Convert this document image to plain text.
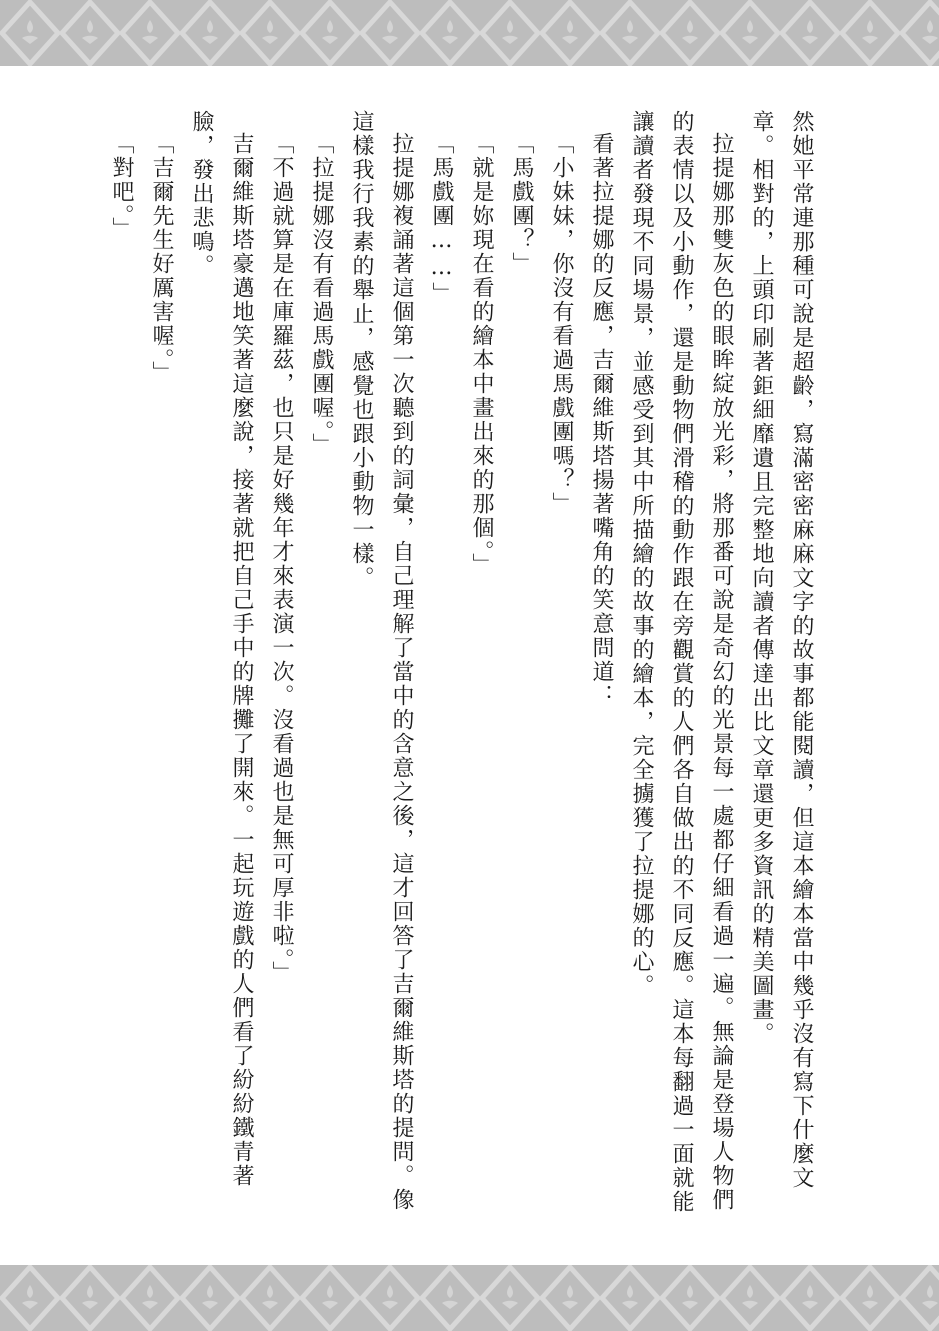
然她平常連那種可說是超齡，寫滿密密麻麻文字的故事都能閱讀，但這本繪本當中幾乎沒有寫下什麼文章。相對的，上頭印刷著鉅細靡遺且完整地向讀者傳達出比文章還更多資訊的精美圖畫。

拉提娜那雙灰色的眼眸綻放光彩，將那番可說是奇幻的光景每一處都仔細看過一遍。無論是登場人物們的表情以及小動作，還是動物們滑稽的動作跟在旁觀賞的人們各自做出的不同反應。這本每翻過一面就能讓讀者發現不同場景，並感受到其中所描繪的故事的繪本，完全擄獲了拉提娜的心。

看著拉提娜的反應，吉爾維斯塔揚著嘴角的笑意問道：

「小妹妹，你沒有看過馬戲團嗎？」

「馬戲團？」

「就是妳現在看的繪本中畫出來的那個。」

「馬戲團……」

拉提娜複誦著這個第一次聽到的詞彙，自己理解了當中的含意之後，這才回答了吉爾維斯塔的提問。像這樣我行我素的舉止，感覺也跟小動物一樣。

「拉提娜沒有看過馬戲團喔。」

「不過就算是在庫羅茲，也只是好幾年才來表演一次。沒看過也是無可厚非啦。」

吉爾維斯塔豪邁地笑著這麼說，接著就把自己手中的牌攤了開來。一起玩遊戲的人們看了紛紛鐵青著臉，發出悲鳴。

「吉爾先生好厲害喔。」

「對吧。」
